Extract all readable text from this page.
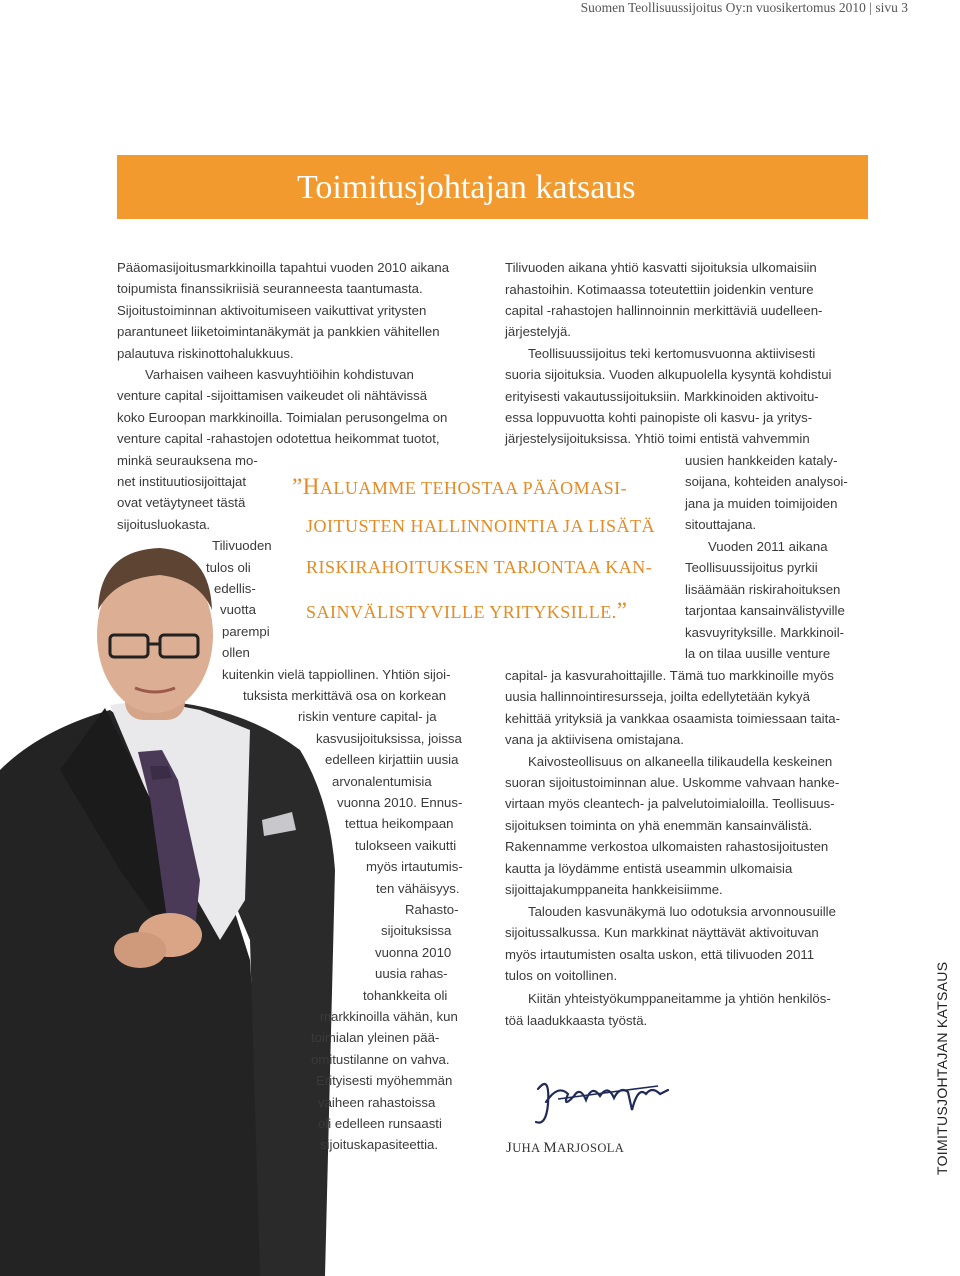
Suomen Teollisuussijoitus Oy:n vuosikertomus 2010 | sivu 3
Toimitusjohtajan katsaus
Pääomasijoitusmarkkinoilla tapahtui vuoden 2010 aikana
toipumista finanssikriisiä seuranneesta taantumasta.
Sijoitustoiminnan aktivoitumiseen vaikuttivat yritysten
parantuneet liiketoimintanäkymät ja pankkien vähitellen
palautuva riskinottohalukkuus.
Varhaisen vaiheen kasvuyhtiöihin kohdistuvan
venture capital -sijoittamisen vaikeudet oli nähtävissä
koko Euroopan markkinoilla. Toimialan perusongelma on
venture capital -rahastojen odotettua heikommat tuotot,
minkä seurauksena mo-
net instituutiosijoittajat
ovat vetäytyneet tästä
sijoitusluokasta.
Tilivuoden
tulos oli
edellis-
vuotta
parempi
ollen
kuitenkin vielä tappiollinen. Yhtiön sijoi-
tuksista merkittävä osa on korkean
riskin venture capital- ja
kasvusijoituksissa, joissa
edelleen kirjattiin uusia
arvonalentumisia
vuonna 2010. Ennus-
tettua heikompaan
tulokseen vaikutti
myös irtautumis-
ten vähäisyys.
Rahasto-
sijoituksissa
vuonna 2010
uusia rahas-
tohankkeita oli
markkinoilla vähän, kun
toimialan yleinen pää-
omitustilanne on vahva.
Erityisesti myöhemmän
vaiheen rahastoissa
oli edelleen runsaasti
sijoituskapasiteettia.
Tilivuoden aikana yhtiö kasvatti sijoituksia ulkomaisiin
rahastoihin. Kotimaassa toteutettiin joidenkin venture
capital -rahastojen hallinnoinnin merkittäviä uudelleen-
järjestelyjä.
Teollisuussijoitus teki kertomusvuonna aktiivisesti
suoria sijoituksia. Vuoden alkupuolella kysyntä kohdistui
erityisesti vakautussijoituksiin. Markkinoiden aktivoitu-
essa loppuvuotta kohti painopiste oli kasvu- ja yritys-
järjestelysijoituksissa. Yhtiö toimi entistä vahvemmin
uusien hankkeiden kataly-
soijana, kohteiden analysoi-
jana ja muiden toimijoiden
sitouttajana.
Vuoden 2011 aikana
Teollisuussijoitus pyrkii
lisäämään riskirahoituksen
tarjontaa kansainvälistyville
kasvuyrityksille. Markkinoil-
la on tilaa uusille venture
capital- ja kasvurahoittajille. Tämä tuo markkinoille myös
uusia hallinnointiresursseja, joilta edellytetään kykyä
kehittää yrityksiä ja vankkaa osaamista toimiessaan taita-
vana ja aktiivisena omistajana.
Kaivosteollisuus on alkaneella tilikaudella keskeinen
suoran sijoitustoiminnan alue. Uskomme vahvaan hanke-
virtaan myös cleantech- ja palvelutoimialoilla. Teollisuus-
sijoituksen toiminta on yhä enemmän kansainvälistä.
Rakennamme verkostoa ulkomaisten rahastosijoitusten
kautta ja löydämme entistä useammin ulkomaisia
sijoittajakumppaneita hankkeisiimme.
Talouden kasvunäkymä luo odotuksia arvonnousuille
sijoitussalkussa. Kun markkinat näyttävät aktivoituvan
myös irtautumisten osalta uskon, että tilivuoden 2011
tulos on voitollinen.
Kiitän yhteistyökumppaneitamme ja yhtiön henkilös-
töä laadukkaasta työstä.
”HALUAMME TEHOSTAA PÄÄOMASI-
JOITUSTEN HALLINNOINTIA JA LISÄTÄ
RISKIRAHOITUKSEN TARJONTAA KAN-
SAINVÄLISTYVILLE YRITYKSILLE.”
JUHA MARJOSOLA	TOIMITUSJOHTAJAN KATSAUS
